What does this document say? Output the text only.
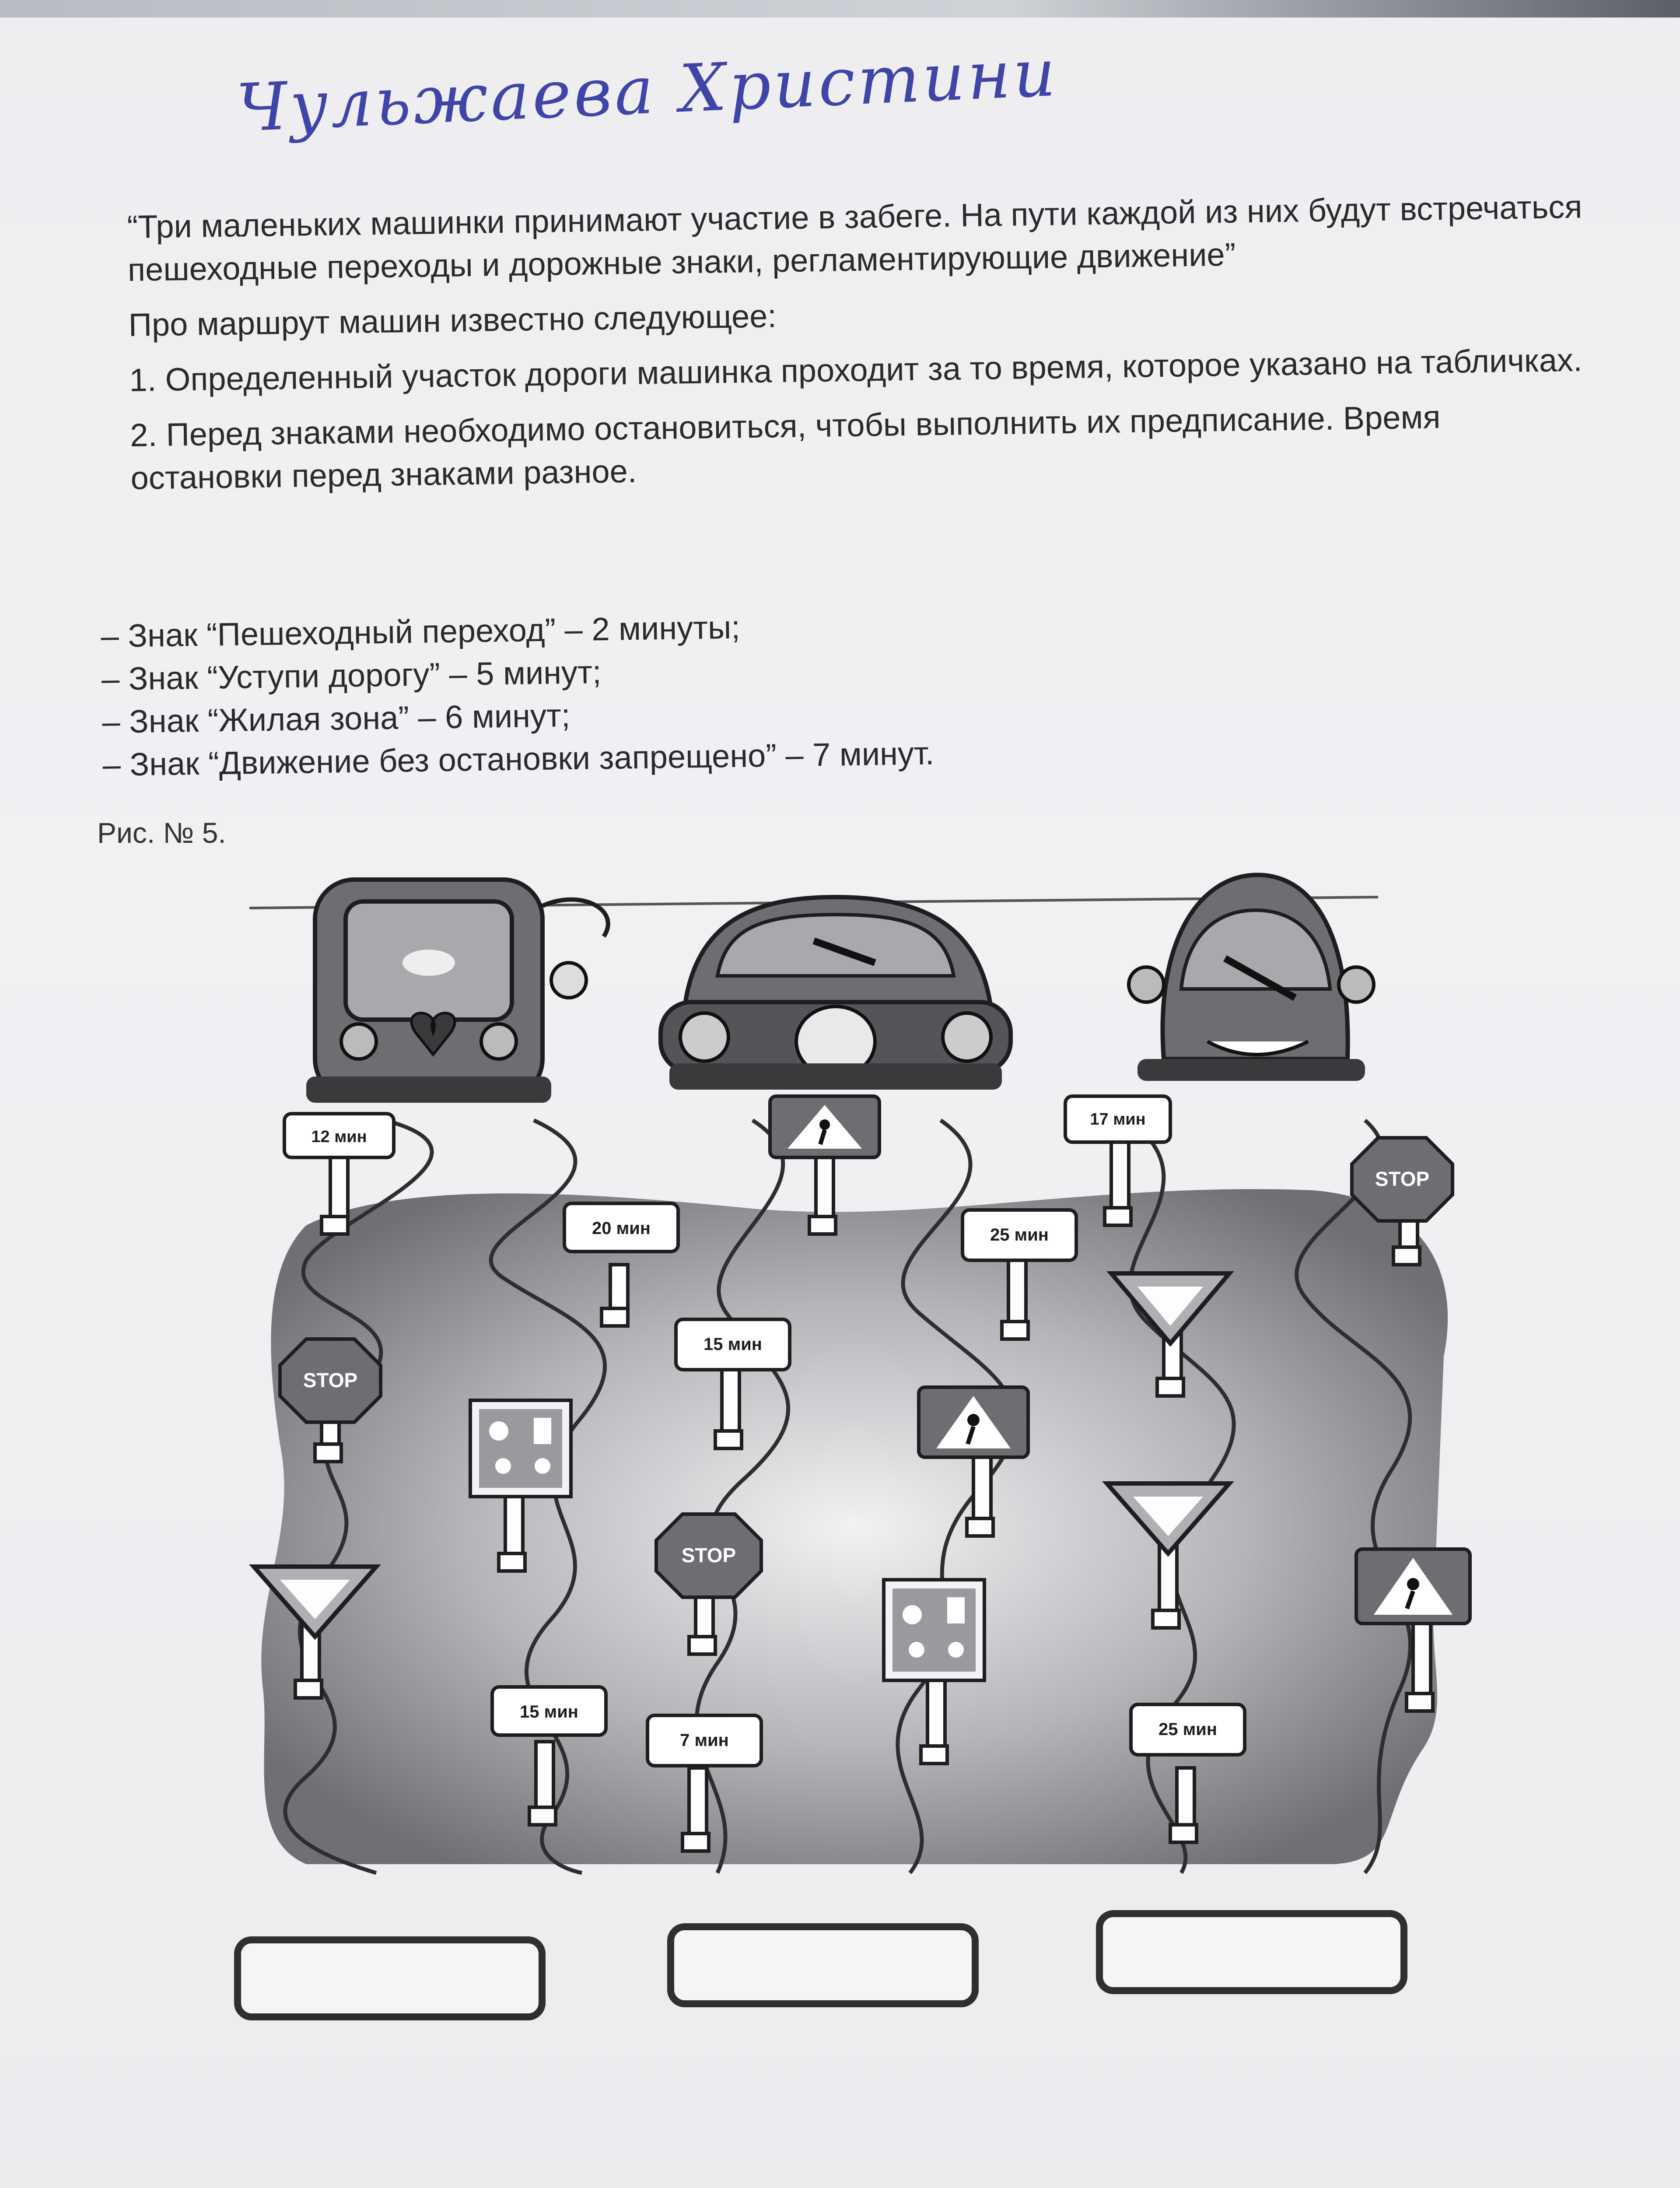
Чульжаева Христини

“Три маленьких машинки принимают участие в забеге. На пути каждой из них будут встречаться пешеходные переходы и дорожные знаки, регламентирующие движение”

Про маршрут машин известно следующее:

1. Определенный участок дороги машинка проходит за то время, которое указано на табличках.

2. Перед знаками необходимо остановиться, чтобы выполнить их предписание. Время остановки перед знаками разное.

– Знак “Пешеходный переход” – 2 минуты;
– Знак “Уступи дорогу” – 5 минут;
– Знак “Жилая зона” – 6 минут;
– Знак “Движение без остановки запрещено” – 7 минут.
Рис. № 5.
12 мин
20 мин
15 мин
15 мин
7 мин
25 мин
17 мин
25 мин
STOP
STOP
STOP
